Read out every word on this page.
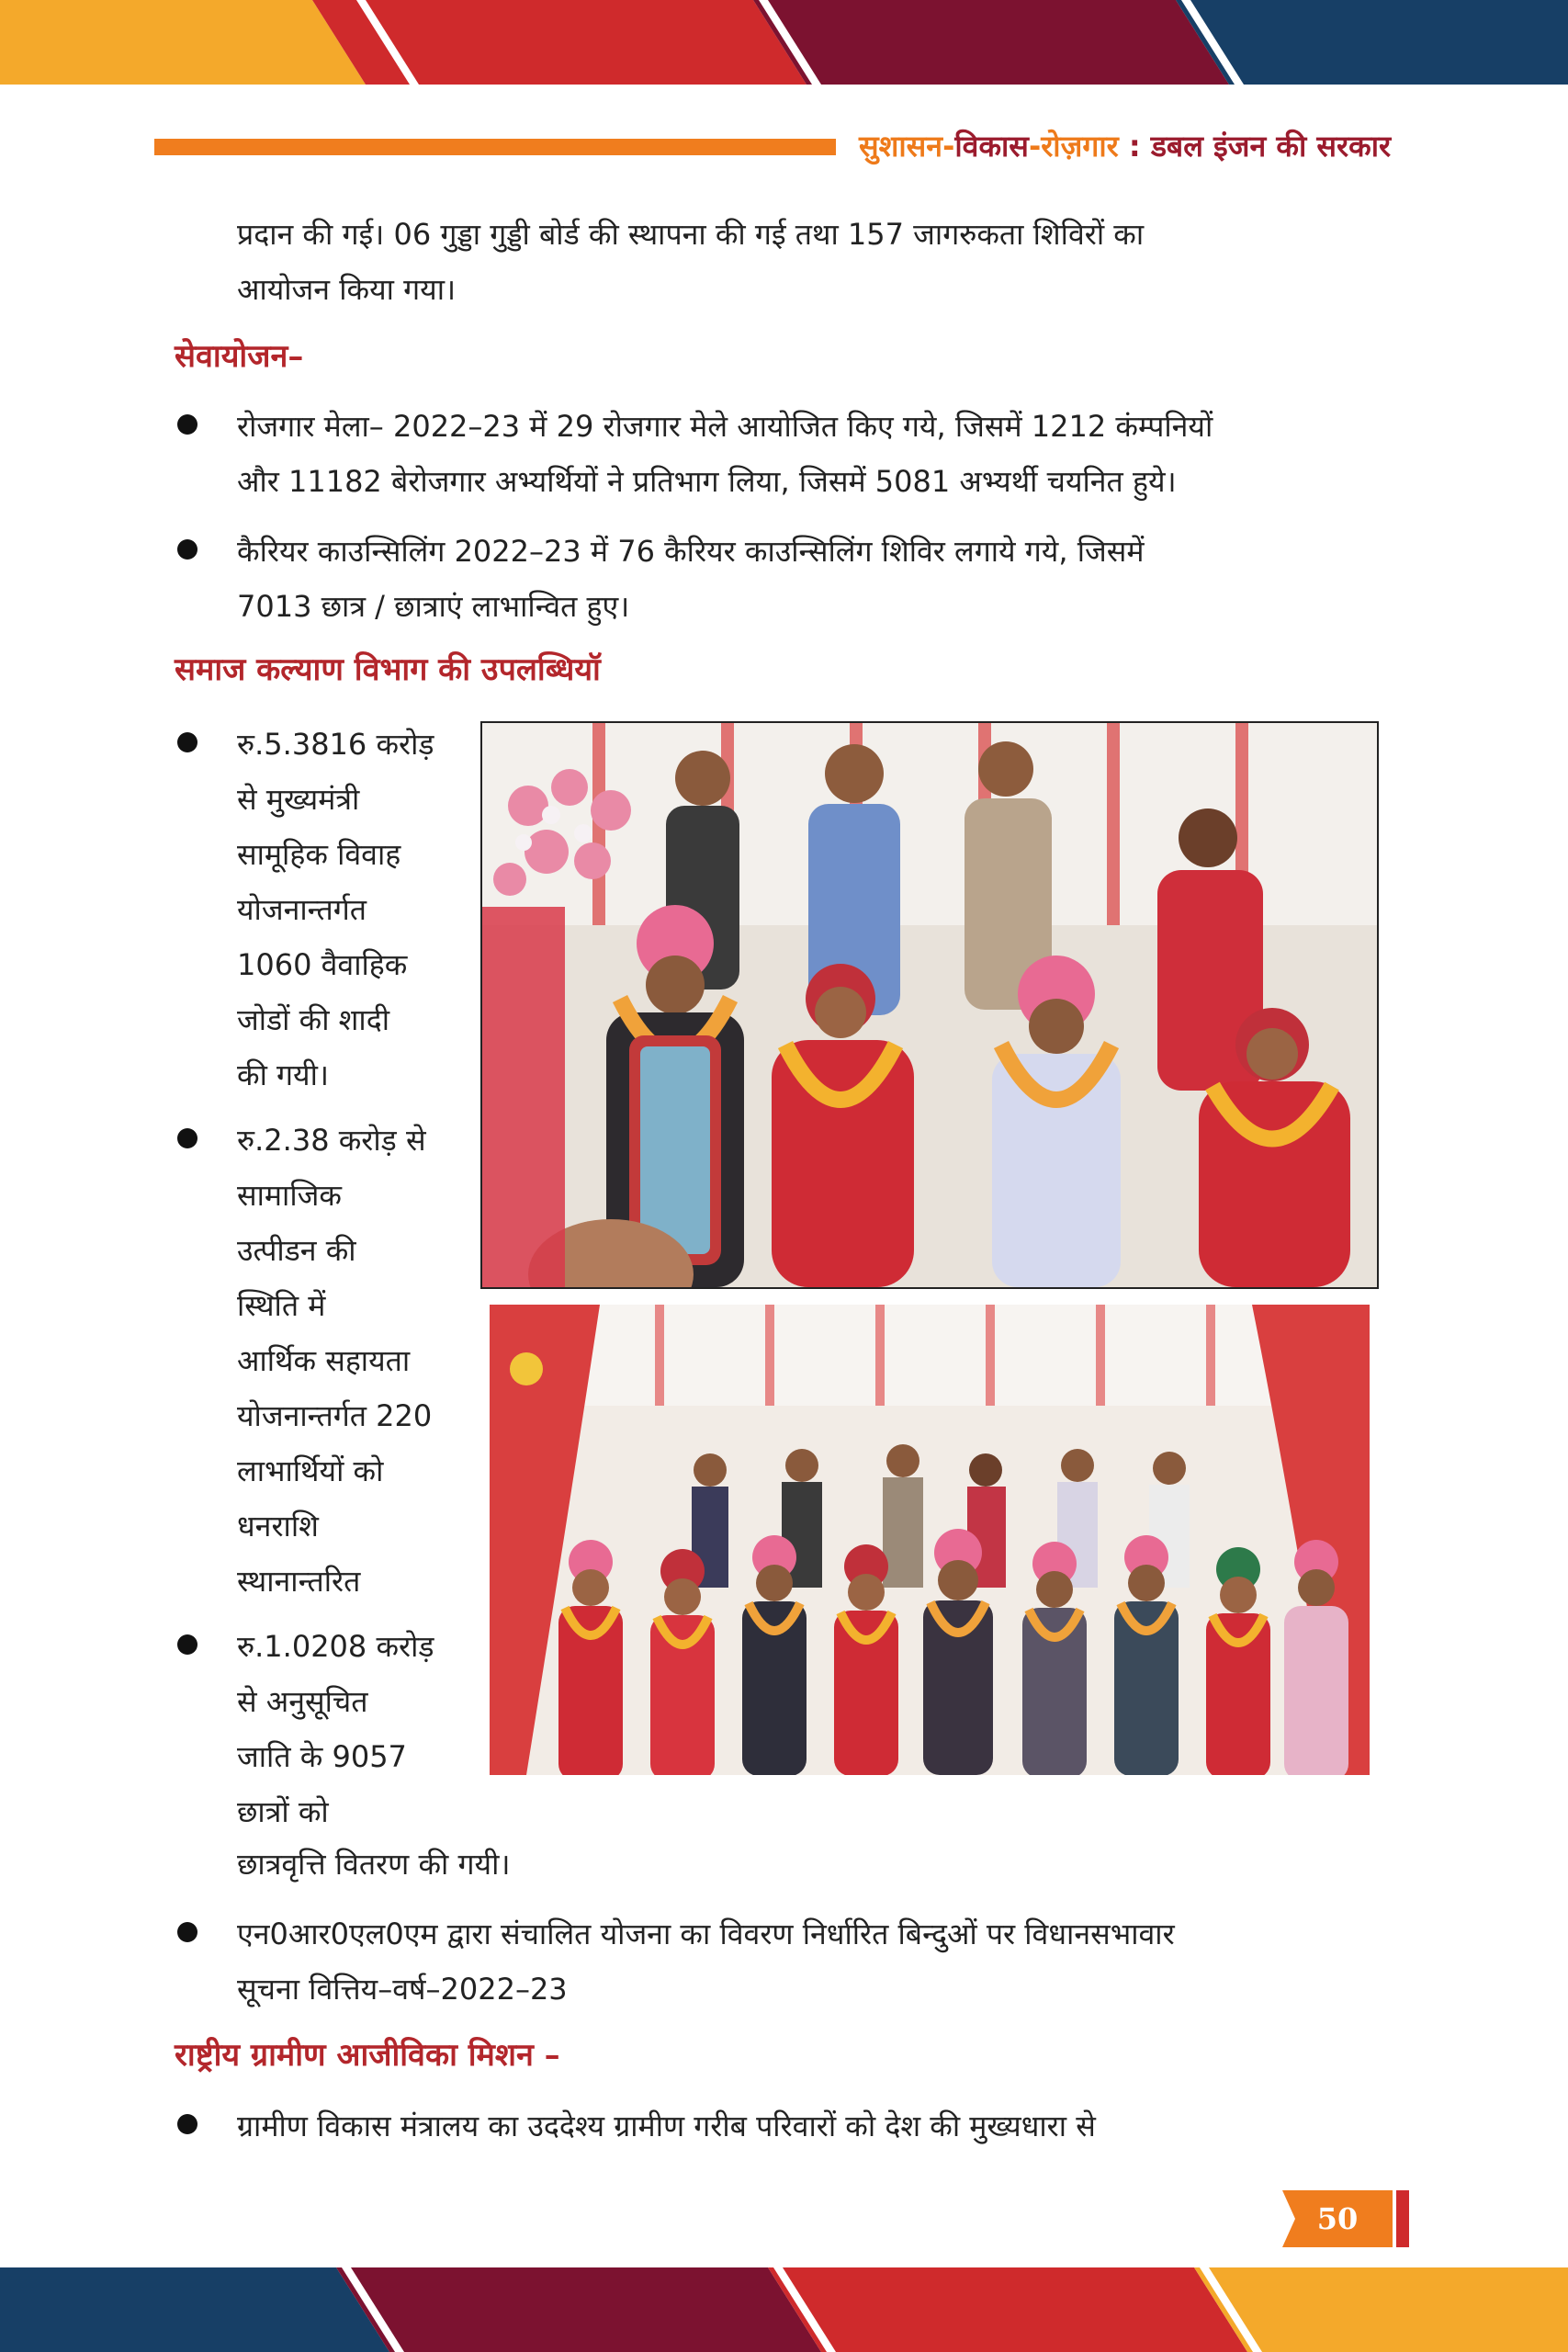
सुशासन-विकास-रोज़गार : डबल इंजन की सरकार
प्रदान की गई। 06 गुड्डा गुड्डी बोर्ड की स्थापना की गई तथा 157 जागरुकता शिविरों का
आयोजन किया गया।
सेवायोजन–
रोजगार मेला– 2022–23 में 29 रोजगार मेले आयोजित किए गये, जिसमें 1212 कंम्पनियों
और 11182 बेरोजगार अभ्यर्थियों ने प्रतिभाग लिया, जिसमें 5081 अभ्यर्थी चयनित हुये।
कैरियर काउन्सिलिंग 2022–23 में 76 कैरियर काउन्सिलिंग शिविर लगाये गये, जिसमें
7013 छात्र / छात्राएं लाभान्वित हुए।
समाज कल्याण विभाग की उपलब्धियॉ
रु.5.3816 करोड़
से मुख्यमंत्री
सामूहिक विवाह
योजनान्तर्गत
1060 वैवाहिक
जोडों की शादी
की गयी।
रु.2.38 करोड़ से
सामाजिक
उत्पीडन की
स्थिति में
आर्थिक सहायता
योजनान्तर्गत 220
लाभार्थियों को
धनराशि
स्थानान्तरित
रु.1.0208 करोड़
से अनुसूचित
जाति के 9057
छात्रों को
छात्रवृत्ति वितरण की गयी।
एन0आर0एल0एम द्वारा संचालित योजना का विवरण निर्धारित बिन्दुओं पर विधानसभावार
सूचना वित्तिय–वर्ष–2022–23
राष्ट्रीय ग्रामीण आजीविका मिशन –
ग्रामीण विकास मंत्रालय का उददेश्य ग्रामीण गरीब परिवारों को देश की मुख्यधारा से
50
